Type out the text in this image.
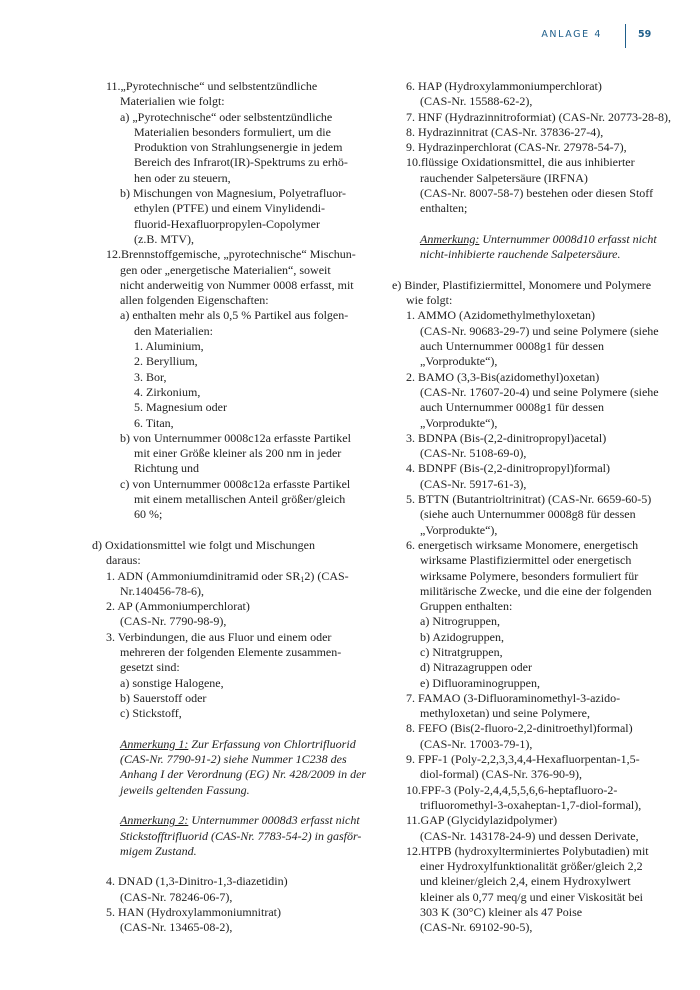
ANLAGE 4	59
11.„Pyrotechnische“ und selbstentzündliche
Materialien wie folgt:
a) „Pyrotechnische“ oder selbstentzündliche
Materialien besonders formuliert, um die
Produktion von Strahlungsenergie in jedem
Bereich des Infrarot(IR)-Spektrums zu erhö-
hen oder zu steuern,
b) Mischungen von Magnesium, Polyetrafluor-
ethylen (PTFE) und einem Vinylidendi-
fluorid-Hexafluorpropylen-Copolymer
(z.B. MTV),
12.Brennstoffgemische, „pyrotechnische“ Mischun-
gen oder „energetische Materialien“, soweit
nicht anderweitig von Nummer 0008 erfasst, mit
allen folgenden Eigenschaften:
a) enthalten mehr als 0,5 % Partikel aus folgen-
den Materialien:
1. Aluminium,
2. Beryllium,
3. Bor,
4. Zirkonium,
5. Magnesium oder
6. Titan,
b) von Unternummer 0008c12a erfasste Partikel
mit einer Größe kleiner als 200 nm in jeder
Richtung und
c) von Unternummer 0008c12a erfasste Partikel
mit einem metallischen Anteil größer/gleich
60 %;
d) Oxidationsmittel wie folgt und Mischungen
daraus:
1. ADN (Ammoniumdinitramid oder $SR_12$) (CAS-
Nr.140456-78-6),
2. AP (Ammoniumperchlorat)
(CAS-Nr. 7790-98-9),
3. Verbindungen, die aus Fluor und einem oder
mehreren der folgenden Elemente zusammen-
gesetzt sind:
a) sonstige Halogene,
b) Sauerstoff oder
c) Stickstoff,
Anmerkung 1: Zur Erfassung von Chlortrifluorid
(CAS-Nr. 7790-91-2) siehe Nummer 1C238 des
Anhang I der Verordnung (EG) Nr. 428/2009 in der
jeweils geltenden Fassung.
Anmerkung 2: Unternummer 0008d3 erfasst nicht
Stickstofftrifluorid (CAS-Nr. 7783-54-2) in gasför-
migem Zustand.
4. DNAD (1,3-Dinitro-1,3-diazetidin)
(CAS-Nr. 78246-06-7),
5. HAN (Hydroxylammoniumnitrat)
(CAS-Nr. 13465-08-2),
6. HAP (Hydroxylammoniumperchlorat)
(CAS-Nr. 15588-62-2),
7. HNF (Hydrazinnitroformiat) (CAS-Nr. 20773-28-8),
8. Hydrazinnitrat (CAS-Nr. 37836-27-4),
9. Hydrazinperchlorat (CAS-Nr. 27978-54-7),
10.flüssige Oxidationsmittel, die aus inhibierter
rauchender Salpetersäure (IRFNA)
(CAS-Nr. 8007-58-7) bestehen oder diesen Stoff
enthalten;
Anmerkung: Unternummer 0008d10 erfasst nicht
nicht-inhibierte rauchende Salpetersäure.
e) Binder, Plastifiziermittel, Monomere und Polymere
wie folgt:
1. AMMO (Azidomethylmethyloxetan)
(CAS-Nr. 90683-29-7) und seine Polymere (siehe
auch Unternummer 0008g1 für dessen
„Vorprodukte“),
2. BAMO (3,3-Bis(azidomethyl)oxetan)
(CAS-Nr. 17607-20-4) und seine Polymere (siehe
auch Unternummer 0008g1 für dessen
„Vorprodukte“),
3. BDNPA (Bis-(2,2-dinitropropyl)acetal)
(CAS-Nr. 5108-69-0),
4. BDNPF (Bis-(2,2-dinitropropyl)formal)
(CAS-Nr. 5917-61-3),
5. BTTN (Butantrioltrinitrat) (CAS-Nr. 6659-60-5)
(siehe auch Unternummer 0008g8 für dessen
„Vorprodukte“),
6. energetisch wirksame Monomere, energetisch
wirksame Plastifiziermittel oder energetisch
wirksame Polymere, besonders formuliert für
militärische Zwecke, und die eine der folgenden
Gruppen enthalten:
a) Nitrogruppen,
b) Azidogruppen,
c) Nitratgruppen,
d) Nitrazagruppen oder
e) Difluoraminogruppen,
7. FAMAO (3-Difluoraminomethyl-3-azido-
methyloxetan) und seine Polymere,
8. FEFO (Bis(2-fluoro-2,2-dinitroethyl)formal)
(CAS-Nr. 17003-79-1),
9. FPF-1 (Poly-2,2,3,3,4,4-Hexafluorpentan-1,5-
diol-formal) (CAS-Nr. 376-90-9),
10.FPF-3 (Poly-2,4,4,5,5,6,6-heptafluoro-2-
trifluoromethyl-3-oxaheptan-1,7-diol-formal),
11.GAP (Glycidylazidpolymer)
(CAS-Nr. 143178-24-9) und dessen Derivate,
12.HTPB (hydroxylterminiertes Polybutadien) mit
einer Hydroxylfunktionalität größer/gleich 2,2
und kleiner/gleich 2,4, einem Hydroxylwert
kleiner als 0,77 meq/g und einer Viskosität bei
303 K (30°C) kleiner als 47 Poise
(CAS-Nr. 69102-90-5),
